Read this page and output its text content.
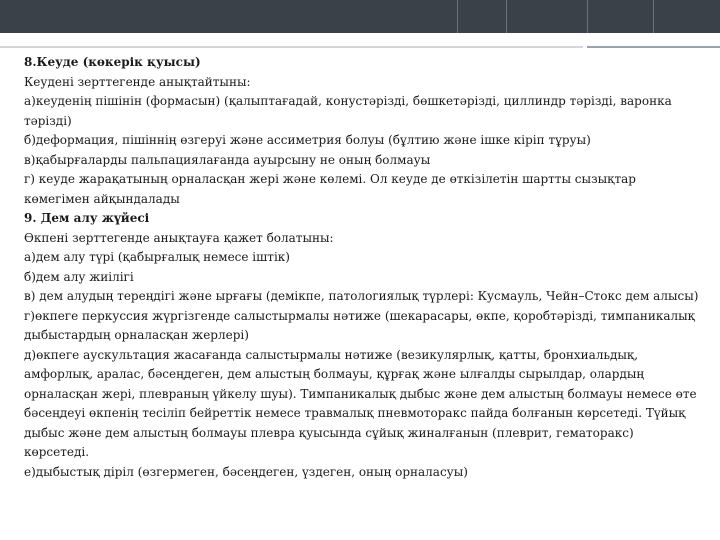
8.Кеуде (көкерік қуысы)

Кеудені зерттегенде анықтайтыны:

а)кеуденің пішінін (формасын) (қалыптағадай, конустәрізді, бөшкетәрізді, циллиндр тәрізді, варонка тәрізді)

б)деформация, пішіннің өзгеруі және ассиметрия болуы (бұлтию және ішке кіріп тұруы)

в)қабырғаларды пальпациялағанда ауырсыну не оның болмауы

г) кеуде жарақатының орналасқан жері және көлемі. Ол кеуде де өткізілетін шартты сызықтар көмегімен айқындалады

9. Дем алу жүйесі

Өкпені зерттегенде анықтауға қажет болатыны:

а)дем алу түрі (қабырғалық немесе іштік)

б)дем алу жиілігі

в) дем алудың тереңдігі және ырғағы (демікпе, патологиялық түрлері: Кусмауль, Чейн–Стокс дем алысы)

г)өкпеге перкуссия жүргізгенде салыстырмалы нәтиже (шекарасары, өкпе, қоробтәрізді, тимпаникалық дыбыстардың орналасқан жерлері)

д)өкпеге аускультация жасағанда салыстырмалы нәтиже (везикулярлық, қатты, бронхиальдық, амфорлық, аралас, бәсеңдеген, дем алыстың болмауы, құрғақ және ылғалды сырылдар, олардың орналасқан жері, плевраның үйкелу шуы). Тимпаникалық дыбыс және дем алыстың болмауы немесе өте бәсеңдеуі өкпенің тесіліп бейреттік немесе травмалық пневмоторакс пайда болғанын көрсетеді. Түйық дыбыс және дем алыстың болмауы плевра қуысында сұйық жиналғанын (плеврит, гематоракс) көрсетеді.

е)дыбыстық діріл (өзгермеген, бәсеңдеген, үздеген, оның орналасуы)
